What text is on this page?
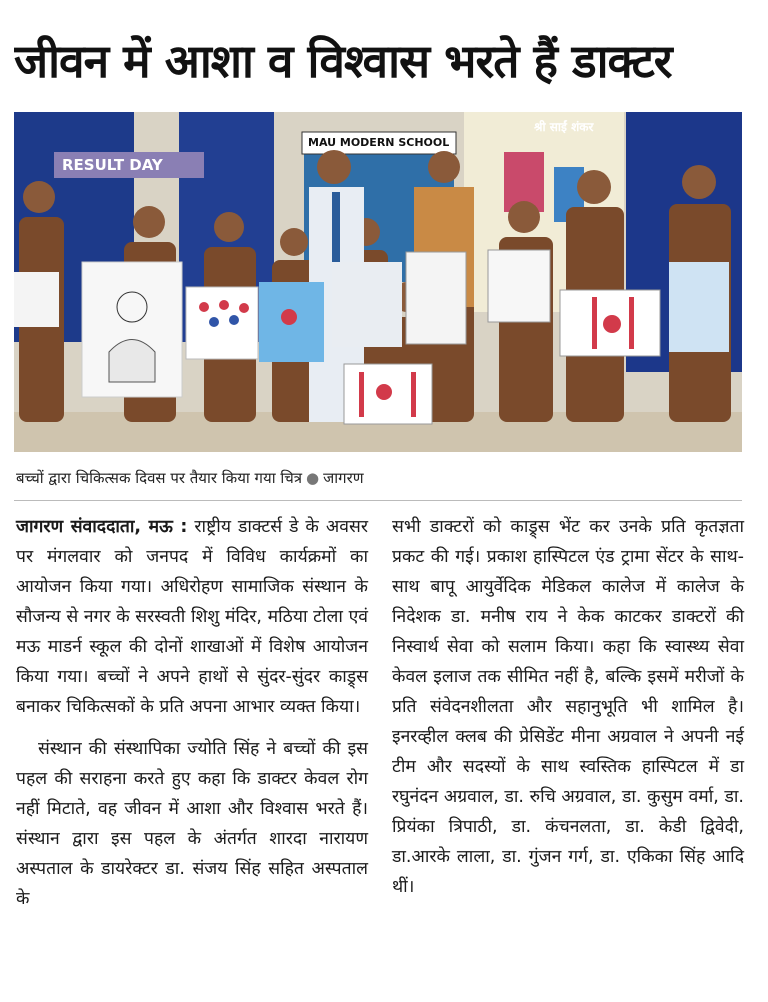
जीवन में आशा व विश्वास भरते हैं डाक्टर
RESULT DAY
MAU MODERN SCHOOL
श्री साईं शंकर
बच्चों द्वारा चिकित्सक दिवस पर तैयार किया गया चित्र ● जागरण

जागरण संवाददाता, मऊ : राष्ट्रीय डाक्टर्स डे के अवसर पर मंगलवार को जनपद में विविध कार्यक्रमों का आयोजन किया गया। अधिरोहण सामाजिक संस्थान के सौजन्य से नगर के सरस्वती शिशु मंदिर, मठिया टोला एवं मऊ माडर्न स्कूल की दोनों शाखाओं में विशेष आयोजन किया गया। बच्चों ने अपने हाथों से सुंदर-सुंदर काड्र्स बनाकर चिकित्सकों के प्रति अपना आभार व्यक्त किया।

संस्थान की संस्थापिका ज्योति सिंह ने बच्चों की इस पहल की सराहना करते हुए कहा कि डाक्टर केवल रोग नहीं मिटाते, वह जीवन में आशा और विश्वास भरते हैं। संस्थान द्वारा इस पहल के अंतर्गत शारदा नारायण अस्पताल के डायरेक्टर डा. संजय सिंह सहित अस्पताल के

सभी डाक्टरों को काड्र्स भेंट कर उनके प्रति कृतज्ञता प्रकट की गई। प्रकाश हास्पिटल एंड ट्रामा सेंटर के साथ-साथ बापू आयुर्वेदिक मेडिकल कालेज में कालेज के निदेशक डा. मनीष राय ने केक काटकर डाक्टरों की निस्वार्थ सेवा को सलाम किया। कहा कि स्वास्थ्य सेवा केवल इलाज तक सीमित नहीं है, बल्कि इसमें मरीजों के प्रति संवेदनशीलता और सहानुभूति भी शामिल है। इनरव्हील क्लब की प्रेसिडेंट मीना अग्रवाल ने अपनी नई टीम और सदस्यों के साथ स्वस्तिक हास्पिटल में डा रघुनंदन अग्रवाल, डा. रुचि अग्रवाल, डा. कुसुम वर्मा, डा. प्रियंका त्रिपाठी, डा. कंचनलता, डा. केडी द्विवेदी, डा.आरके लाला, डा. गुंजन गर्ग, डा. एकिका सिंह आदि थीं।
